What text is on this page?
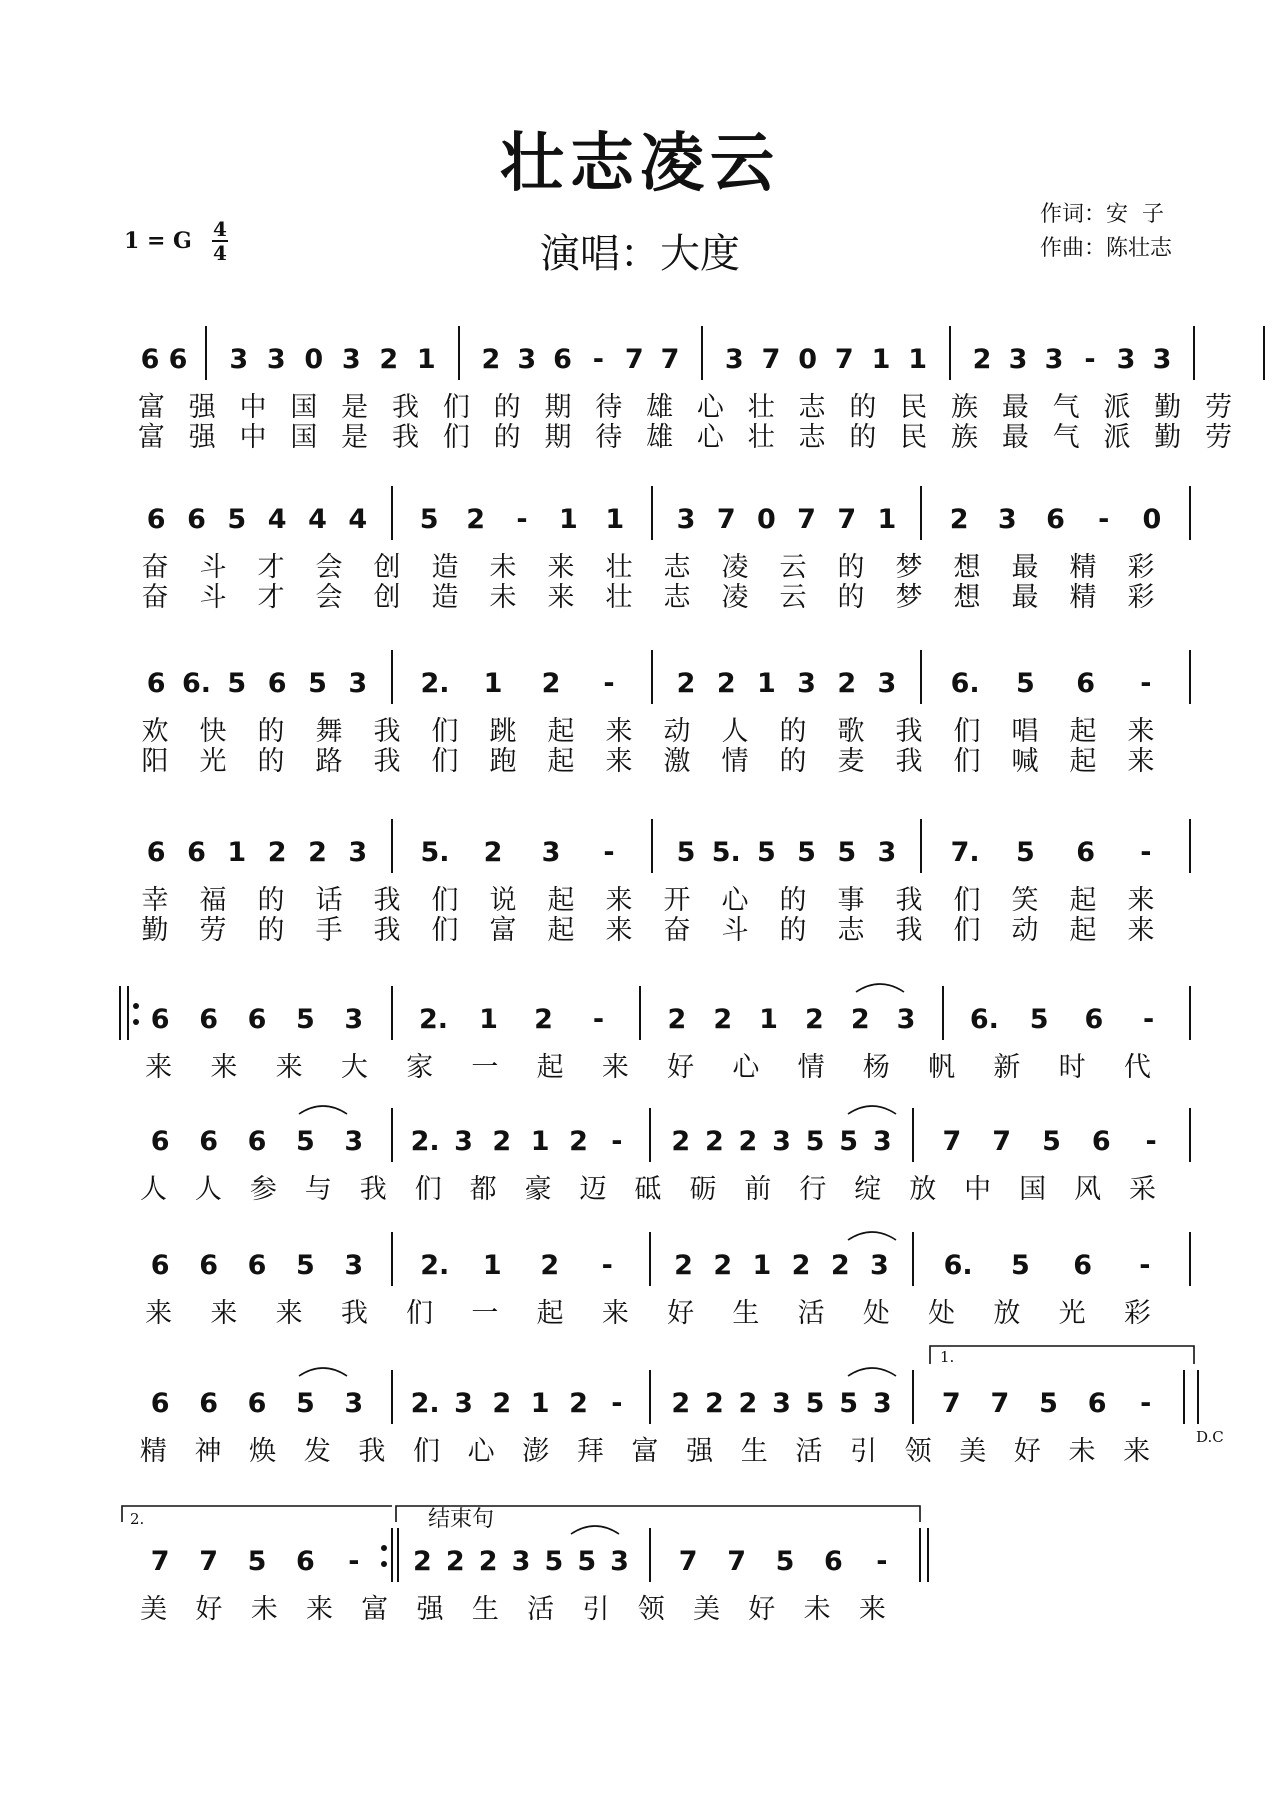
壮志凌云
1 = G 4
4	演唱：大度
作词：安  子
作曲：陈壮志
6 6 3 3 0 3 2 1 2 3 6 - 7 7 3 7 0 7 1 1 2 3 3 - 3 3
富 强 中 国 是 我 们 的 期 待 雄 心 壮 志 的 民 族 最 气 派 勤 劳
富 强 中 国 是 我 们 的 期 待 雄 心 壮 志 的 民 族 最 气 派 勤 劳
6 6 5 4 4 4 5 2 - 1 1 3 7 0 7 7 1 2 3 6 - 0
奋 斗 才 会 创 造 未 来 壮 志 凌 云 的 梦 想 最 精 彩
奋 斗 才 会 创 造 未 来 壮 志 凌 云 的 梦 想 最 精 彩
6 6. 5 6 5 3 2. 1 2 - 2 2 1 3 2 3 6. 5 6 -
欢 快 的 舞 我 们 跳 起 来 动 人 的 歌 我 们 唱 起 来
阳 光 的 路 我 们 跑 起 来 激 情 的 麦 我 们 喊 起 来
6 6 1 2 2 3 5. 2 3 - 5 5. 5 5 5 3 7. 5 6 -
幸 福 的 话 我 们 说 起 来 开 心 的 事 我 们 笑 起 来
勤 劳 的 手 我 们 富 起 来 奋 斗 的 志 我 们 动 起 来
6 6 6 5 3 2. 1 2 - 2 2 1 2 2 3 6. 5 6 -
来 来 来 大 家 一 起 来 好 心 情 杨 帆 新 时 代
6 6 6 5 3 2. 3 2 1 2 - 2 2 2 3 5 5 3 7 7 5 6 -
人 人 参 与 我 们 都 豪 迈 砥 砺 前 行 绽 放 中 国 风 采
6 6 6 5 3 2. 1 2 - 2 2 1 2 2 3 6. 5 6 -
来 来 来 我 们 一 起 来 好 生 活 处 处 放 光 彩
6 6 6 5 3 2. 3 2 1 2 - 2 2 2 3 5 5 3 7 7 5 6 -
精 神 焕 发 我 们 心 澎 拜 富 强 生 活 引 领 美 好 未 来
7 7 5 6 - 2 2 2 3 5 5 3 7 7 5 6 -
美 好 未 来 富 强 生 活 引 领 美 好 未 来
D.C
1.
2.	结束句
